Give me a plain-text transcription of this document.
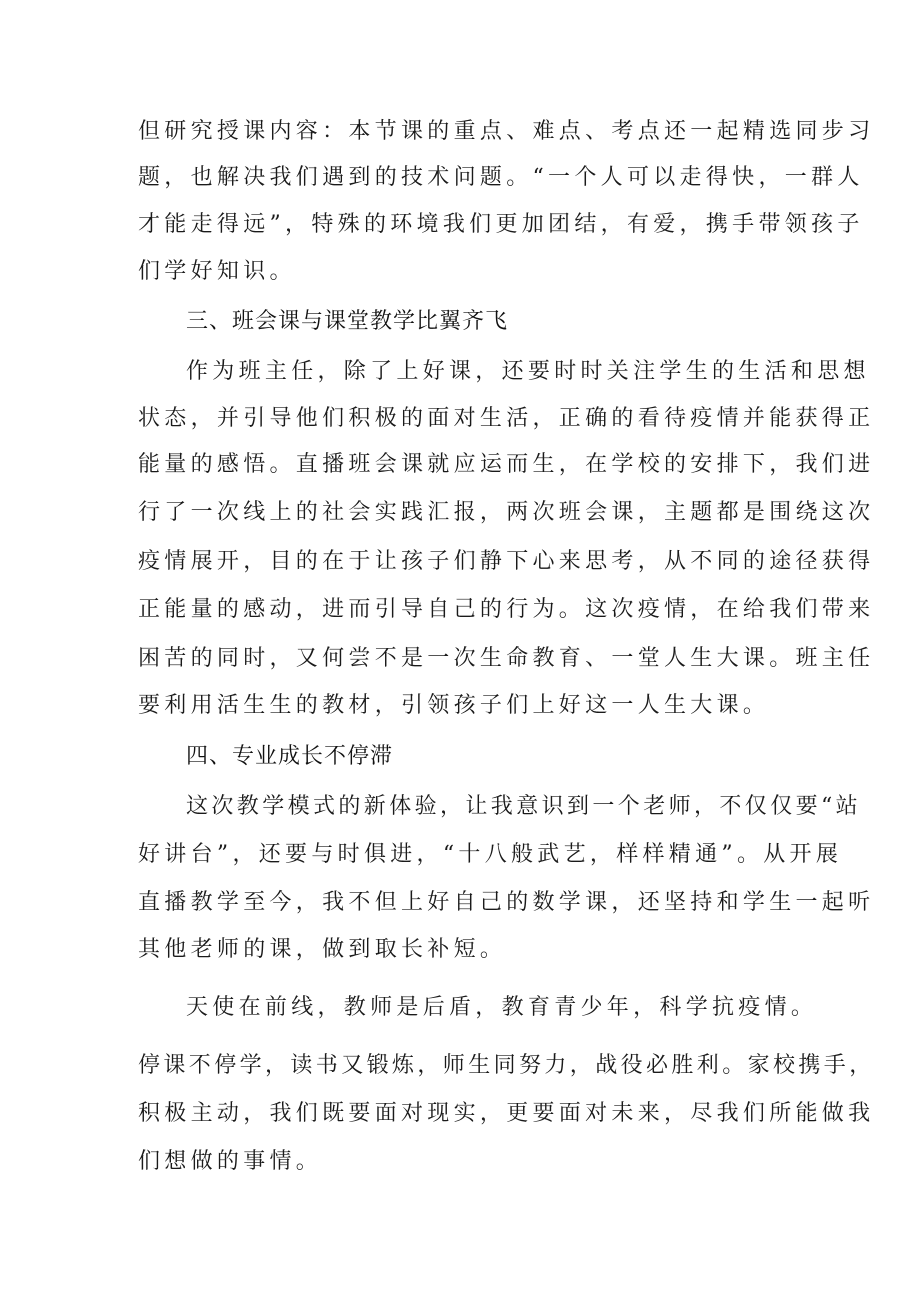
但研究授课内容：本节课的重点、难点、考点还一起精选同步习
题，也解决我们遇到的技术问题。“一个人可以走得快，一群人
才能走得远”，特殊的环境我们更加团结，有爱，携手带领孩子
们学好知识。
三、班会课与课堂教学比翼齐飞
作为班主任，除了上好课，还要时时关注学生的生活和思想
状态，并引导他们积极的面对生活，正确的看待疫情并能获得正
能量的感悟。直播班会课就应运而生，在学校的安排下，我们进
行了一次线上的社会实践汇报，两次班会课，主题都是围绕这次
疫情展开，目的在于让孩子们静下心来思考，从不同的途径获得
正能量的感动，进而引导自己的行为。这次疫情，在给我们带来
困苦的同时，又何尝不是一次生命教育、一堂人生大课。班主任
要利用活生生的教材，引领孩子们上好这一人生大课。
四、专业成长不停滞
这次教学模式的新体验，让我意识到一个老师，不仅仅要“站
好讲台”，还要与时俱进，“十八般武艺，样样精通”。从开展
直播教学至今，我不但上好自己的数学课，还坚持和学生一起听
其他老师的课，做到取长补短。
天使在前线，教师是后盾，教育青少年，科学抗疫情。
停课不停学，读书又锻炼，师生同努力，战役必胜利。家校携手，
积极主动，我们既要面对现实，更要面对未来，尽我们所能做我
们想做的事情。
